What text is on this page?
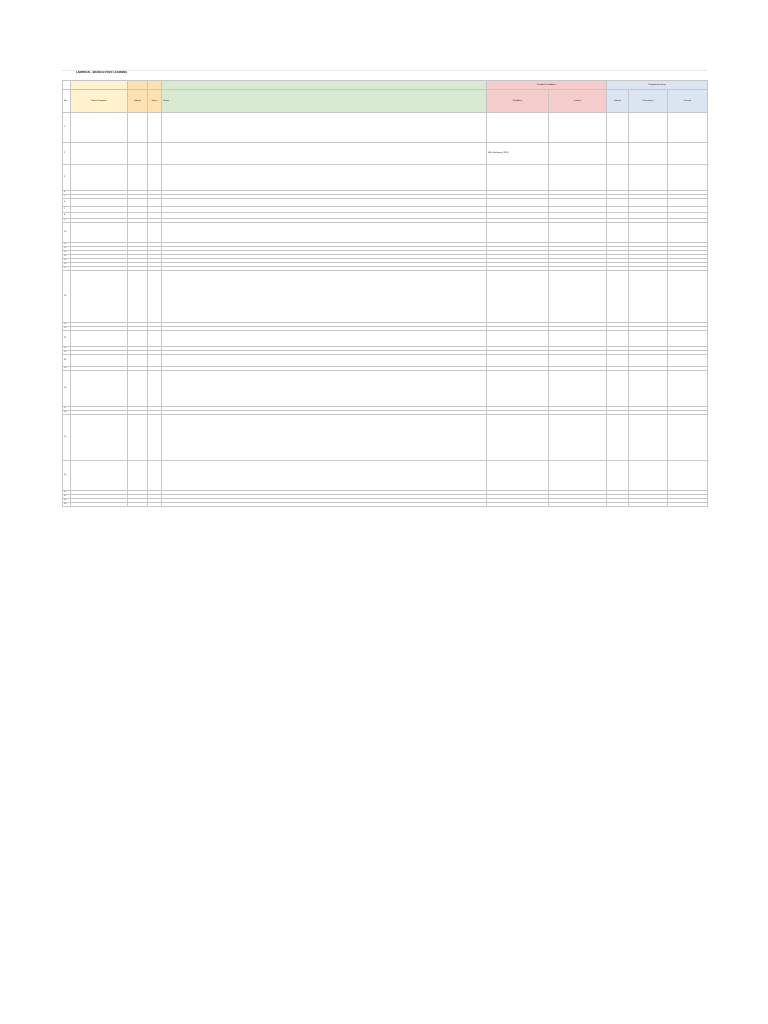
LAMPIRAN – BRANCH STAFF LEARNING
					Fasilitasi Pendidikan		Pengalaman Kerja		
No.	Nama Karyawan	Jabatan	Status	Uraian	Kualifikasi	Institusi	Jabatan	Perusahaan	Periode
1									
2					MSc Marketing (UPM)				
3									
4									
5									
6									
7									
8									
9									
10									
11									
12									
13									
14									
15									
16									
17									
18									
19									
20									
21									
22									
23									
24									
25									
26									
27									
28									
29									
30									
31									
32									
33									
34									
